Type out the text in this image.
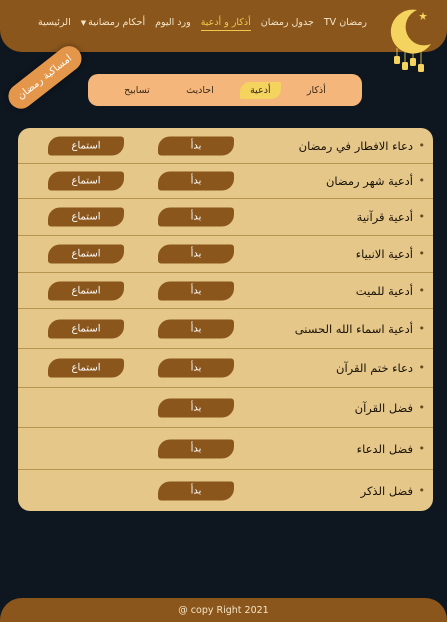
الرئيسية	أحكام رمضانية▼	ورد اليوم أذكار و أدعية جدول رمضان رمضان TV
امساكية رمضان	أذكار
أدعية
احاديث
تسابيح
• دعاء الافطار في رمضان
بدأ
استماع
• أدعية شهر رمضان
بدأ
استماع
• أدعية قرآنية
بدأ
استماع
• أدعية الانبياء
بدأ
استماع
• أدعية للميت
بدأ
استماع
• أدعية اسماء الله الحسنى
بدأ
استماع
• دعاء ختم القرآن
بدأ
استماع
• فضل القرآن
بدأ
• فضل الدعاء
بدأ
• فضل الذكر
بدأ
@ copy Right 2021
